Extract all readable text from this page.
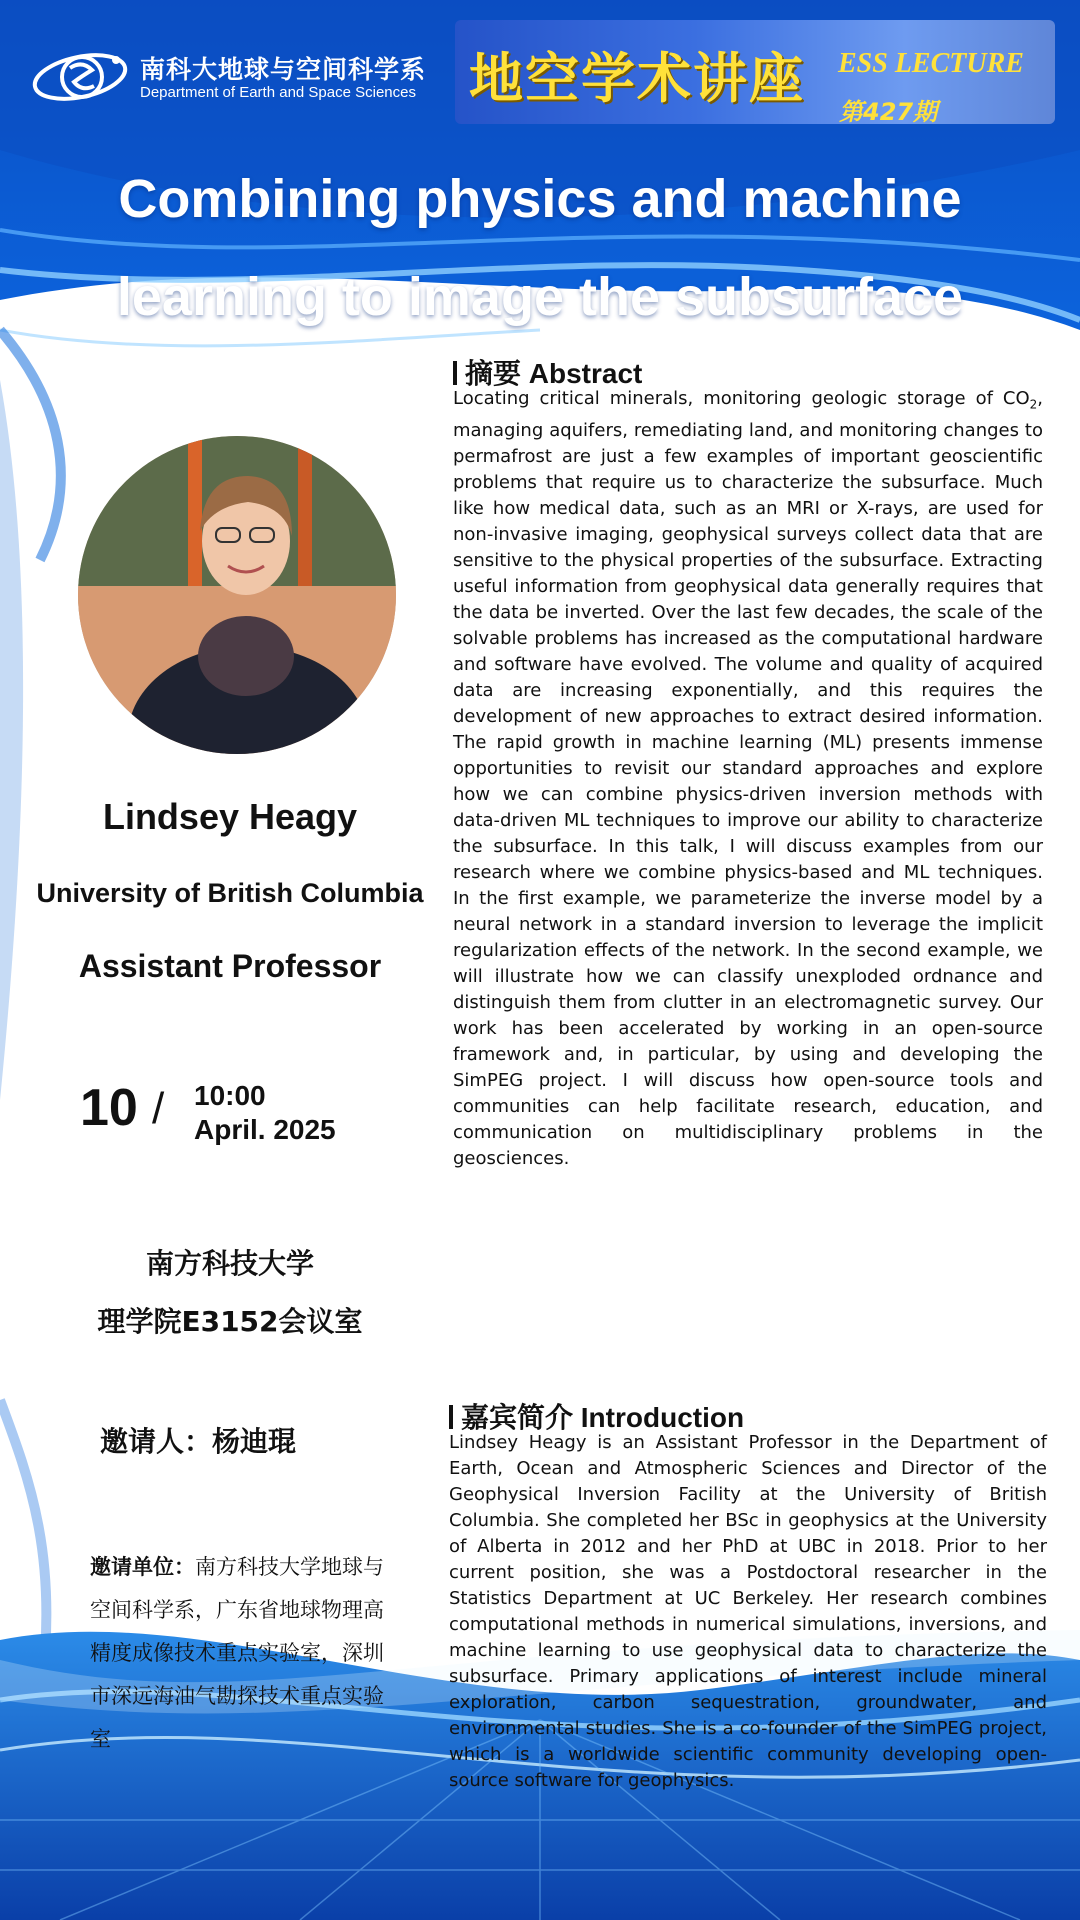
南科大地球与空间科学系
Department of Earth and Space Sciences 地空学术讲座 ESS LECTURE
第427期
Combining physics and machine learning to image the subsurface
Lindsey Heagy
University of British Columbia
Assistant Professor
10 / 10:00
April. 2025
南方科技大学
理学院E3152会议室
邀请人：杨迪琨
邀请单位：南方科技大学地球与空间科学系，广东省地球物理高精度成像技术重点实验室，深圳市深远海油气勘探技术重点实验室
摘要 Abstract
Locating critical minerals, monitoring geologic storage of $CO_2$, managing aquifers, remediating land, and monitoring changes to permafrost are just a few examples of important geoscientific problems that require us to characterize the subsurface. Much like how medical data, such as an MRI or X-rays, are used for non-invasive imaging, geophysical surveys collect data that are sensitive to the physical properties of the subsurface. Extracting useful information from geophysical data generally requires that the data be inverted. Over the last few decades, the scale of the solvable problems has increased as the computational hardware and software have evolved. The volume and quality of acquired data are increasing exponentially, and this requires the development of new approaches to extract desired information. The rapid growth in machine learning (ML) presents immense opportunities to revisit our standard approaches and explore how we can combine physics-driven inversion methods with data-driven ML techniques to improve our ability to characterize the subsurface. In this talk, I will discuss examples from our research where we combine physics-based and ML techniques. In the first example, we parameterize the inverse model by a neural network in a standard inversion to leverage the implicit regularization effects of the network. In the second example, we will illustrate how we can classify unexploded ordnance and distinguish them from clutter in an electromagnetic survey. Our work has been accelerated by working in an open-source framework and, in particular, by using and developing the SimPEG project. I will discuss how open-source tools and communities can help facilitate research, education, and communication on multidisciplinary problems in the geosciences.
嘉宾简介 Introduction
Lindsey Heagy is an Assistant Professor in the Department of Earth, Ocean and Atmospheric Sciences and Director of the Geophysical Inversion Facility at the University of British Columbia. She completed her BSc in geophysics at the University of Alberta in 2012 and her PhD at UBC in 2018. Prior to her current position, she was a Postdoctoral researcher in the Statistics Department at UC Berkeley. Her research combines computational methods in numerical simulations, inversions, and machine learning to use geophysical data to characterize the subsurface. Primary applications of interest include mineral exploration, carbon sequestration, groundwater, and environmental studies. She is a co-founder of the SimPEG project, which is a worldwide scientific community developing open-source software for geophysics.
